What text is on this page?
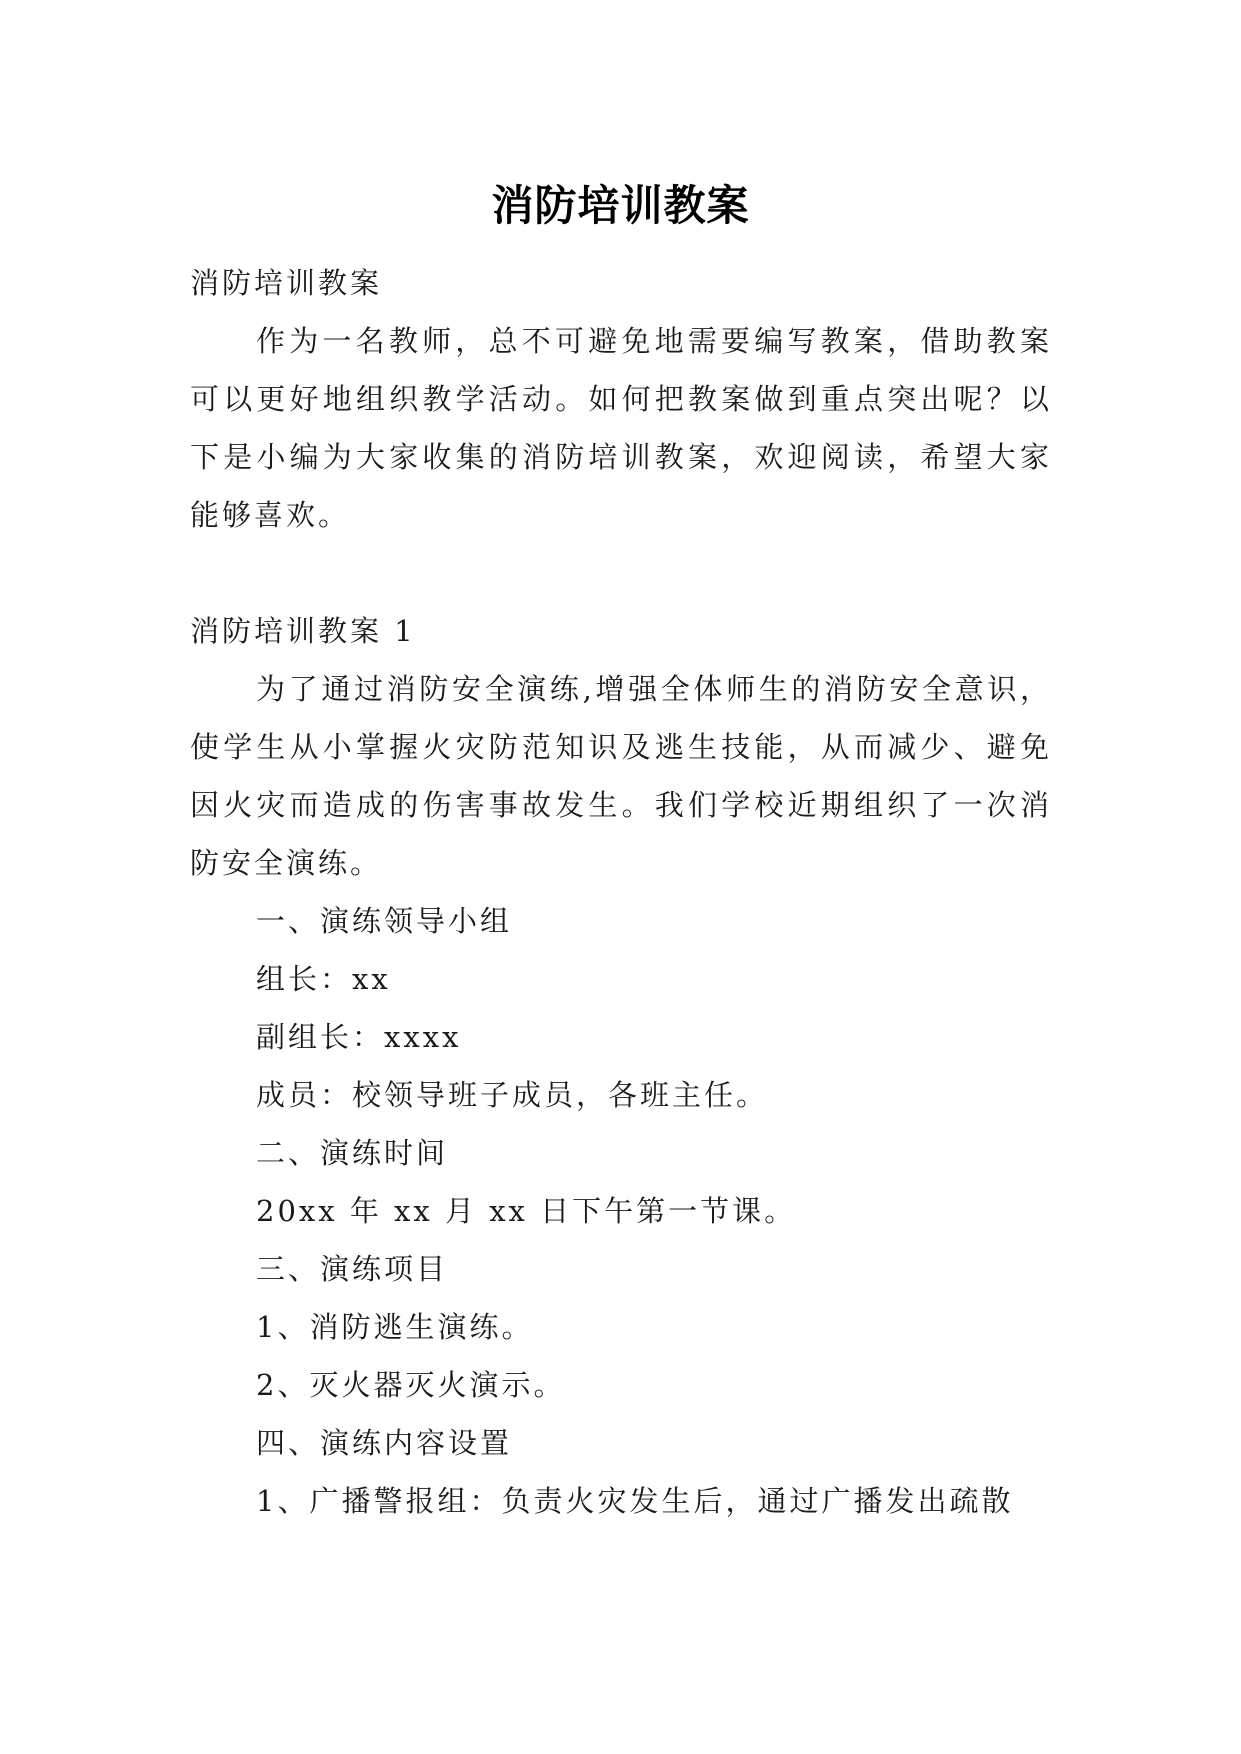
消防培训教案

消防培训教案

作为一名教师，总不可避免地需要编写教案，借助教案可以更好地组织教学活动。如何把教案做到重点突出呢？以下是小编为大家收集的消防培训教案，欢迎阅读，希望大家能够喜欢。

消防培训教案 1

为了通过消防安全演练,增强全体师生的消防安全意识，使学生从小掌握火灾防范知识及逃生技能，从而减少、避免因火灾而造成的伤害事故发生。我们学校近期组织了一次消防安全演练。

一、演练领导小组

组长：xx

副组长：xxxx

成员：校领导班子成员，各班主任。

二、演练时间

20xx 年 xx 月 xx 日下午第一节课。

三、演练项目

1、消防逃生演练。

2、灭火器灭火演示。

四、演练内容设置

1、广播警报组：负责火灾发生后，通过广播发出疏散
